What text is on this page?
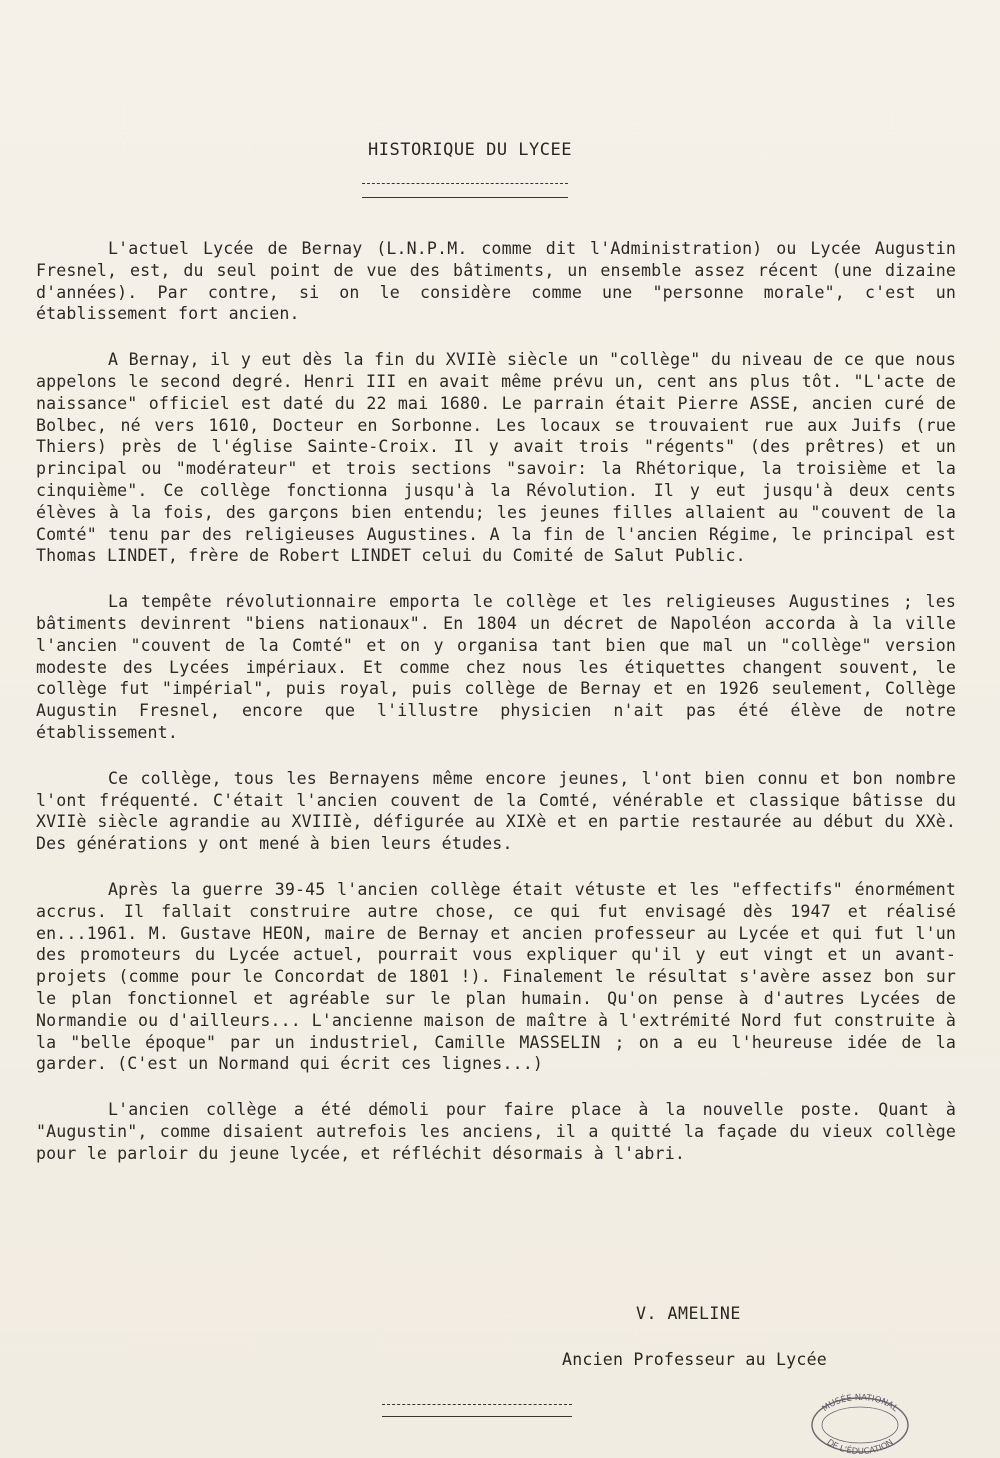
HISTORIQUE DU LYCEE

L'actuel Lycée de Bernay (L.N.P.M. comme dit l'Administration) ou Lycée Augustin Fresnel, est, du seul point de vue des bâtiments, un ensemble assez récent (une dizaine d'années). Par contre, si on le considère comme une "personne morale", c'est un établissement fort ancien.

A Bernay, il y eut dès la fin du XVIIè siècle un "collège" du niveau de ce que nous appelons le second degré. Henri III en avait même prévu un, cent ans plus tôt. "L'acte de naissance" officiel est daté du 22 mai 1680. Le parrain était Pierre ASSE, ancien curé de Bolbec, né vers 1610, Docteur en Sorbonne. Les locaux se trouvaient rue aux Juifs (rue Thiers) près de l'église Sainte-Croix. Il y avait trois "régents" (des prêtres) et un principal ou "modérateur" et trois sections "savoir: la Rhétorique, la troisième et la cinquième". Ce collège fonctionna jusqu'à la Révolution. Il y eut jusqu'à deux cents élèves à la fois, des garçons bien entendu; les jeunes filles allaient au "couvent de la Comté" tenu par des religieuses Augustines. A la fin de l'ancien Régime, le principal est Thomas LINDET, frère de Robert LINDET celui du Comité de Salut Public.

La tempête révolutionnaire emporta le collège et les religieuses Augustines ; les bâtiments devinrent "biens nationaux". En 1804 un décret de Napoléon accorda à la ville l'ancien "couvent de la Comté" et on y organisa tant bien que mal un "collège" version modeste des Lycées impériaux. Et comme chez nous les étiquettes changent souvent, le collège fut "impérial", puis royal, puis collège de Bernay et en 1926 seulement, Collège Augustin Fresnel, encore que l'illustre physicien n'ait pas été élève de notre établissement.

Ce collège, tous les Bernayens même encore jeunes, l'ont bien connu et bon nombre l'ont fréquenté. C'était l'ancien couvent de la Comté, vénérable et classique bâtisse du XVIIè siècle agrandie au XVIIIè, défigurée au XIXè et en partie restaurée au début du XXè. Des générations y ont mené à bien leurs études.

Après la guerre 39-45 l'ancien collège était vétuste et les "effectifs" énormément accrus. Il fallait construire autre chose, ce qui fut envisagé dès 1947 et réalisé en...1961. M. Gustave HEON, maire de Bernay et ancien professeur au Lycée et qui fut l'un des promoteurs du Lycée actuel, pourrait vous expliquer qu'il y eut vingt et un avant-projets (comme pour le Concordat de 1801 !). Finalement le résultat s'avère assez bon sur le plan fonctionnel et agréable sur le plan humain. Qu'on pense à d'autres Lycées de Normandie ou d'ailleurs... L'ancienne maison de maître à l'extrémité Nord fut construite à la "belle époque" par un industriel, Camille MASSELIN ; on a eu l'heureuse idée de la garder. (C'est un Normand qui écrit ces lignes...)

L'ancien collège a été démoli pour faire place à la nouvelle poste. Quant à "Augustin", comme disaient autrefois les anciens, il a quitté la façade du vieux collège pour le parloir du jeune lycée, et réfléchit désormais à l'abri.

V. AMELINE
Ancien Professeur au Lycée
MUSÉE NATIONAL
DE L'ÉDUCATION
